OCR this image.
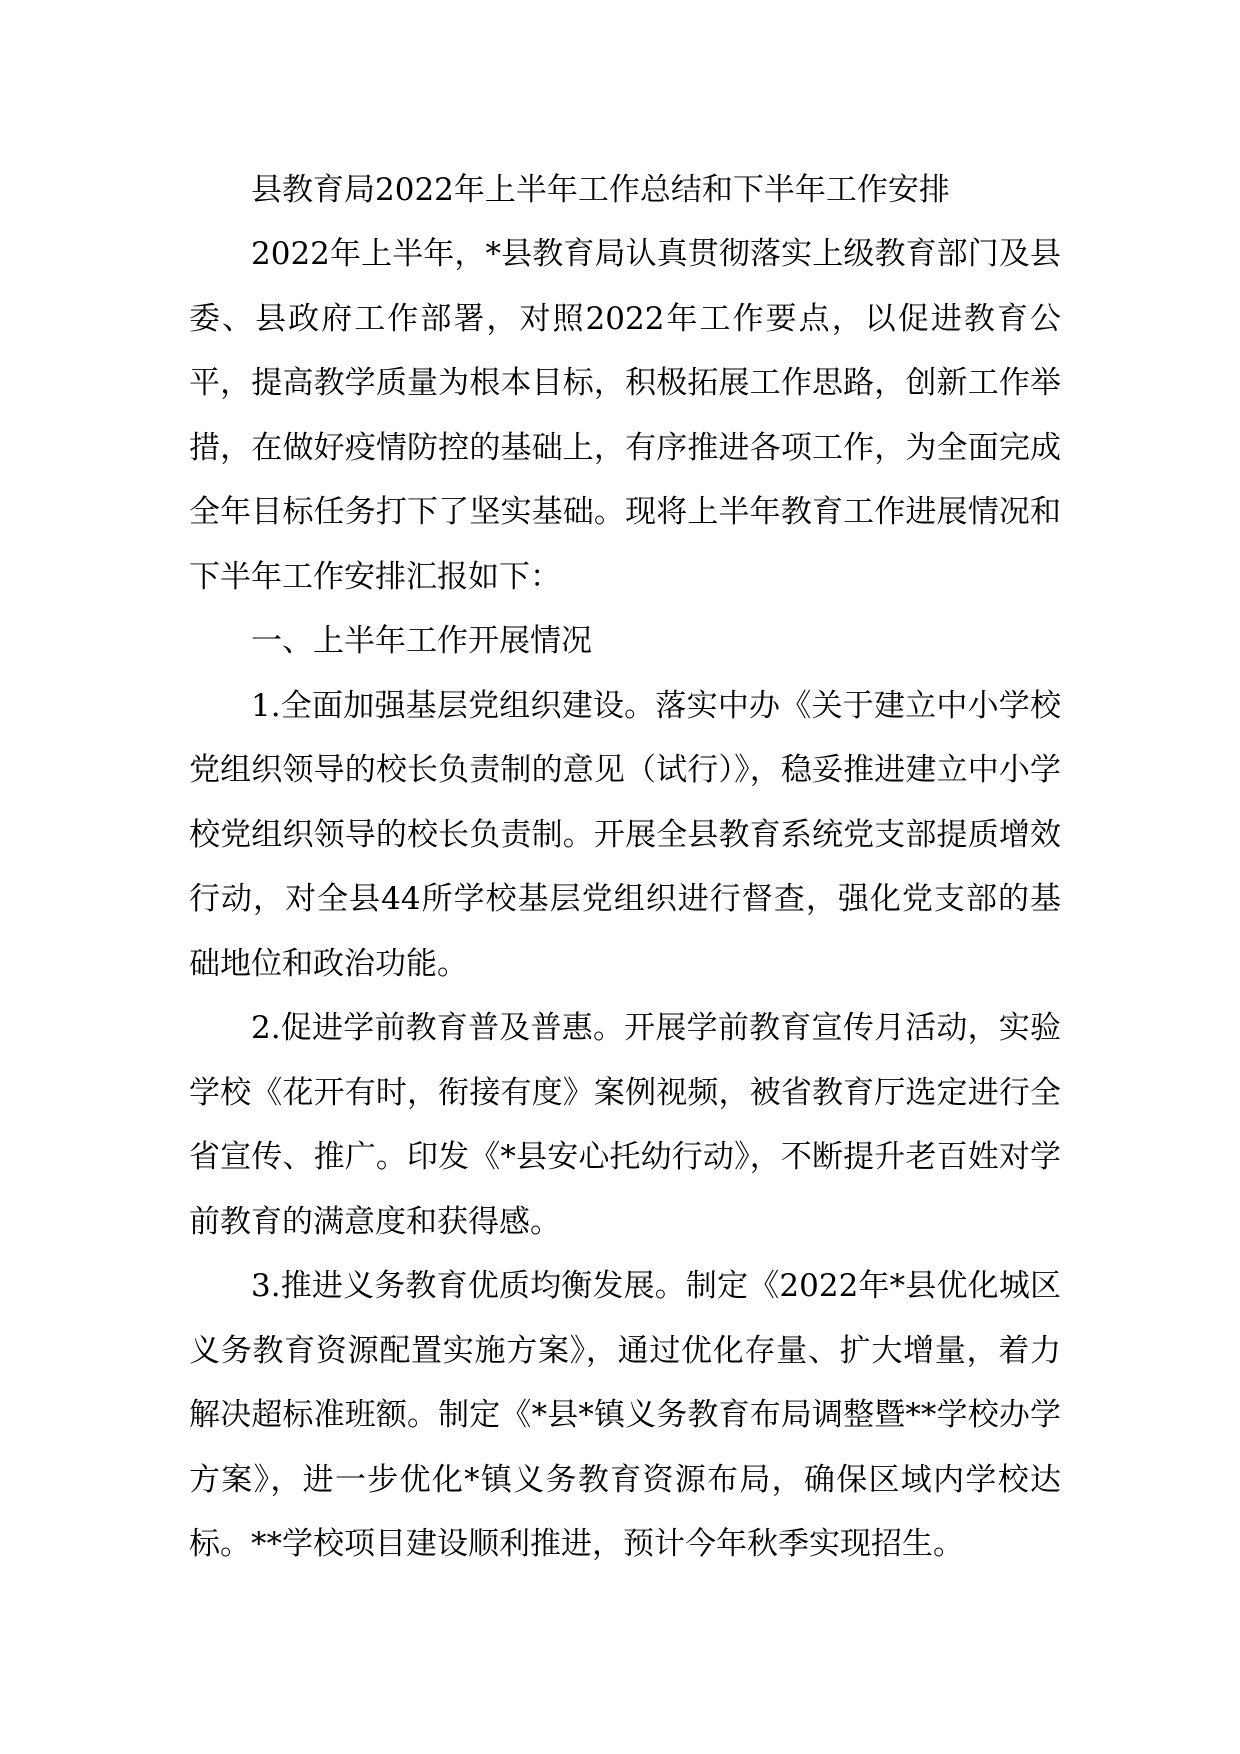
县教育局2022年上半年工作总结和下半年工作安排

2022年上半年，*县教育局认真贯彻落实上级教育部门及县委、县政府工作部署，对照2022年工作要点，以促进教育公平，提高教学质量为根本目标，积极拓展工作思路，创新工作举措，在做好疫情防控的基础上，有序推进各项工作，为全面完成全年目标任务打下了坚实基础。现将上半年教育工作进展情况和下半年工作安排汇报如下：

一、上半年工作开展情况

1.全面加强基层党组织建设。落实中办《关于建立中小学校党组织领导的校长负责制的意见（试行）》，稳妥推进建立中小学校党组织领导的校长负责制。开展全县教育系统党支部提质增效行动，对全县44所学校基层党组织进行督查，强化党支部的基础地位和政治功能。

2.促进学前教育普及普惠。开展学前教育宣传月活动，实验学校《花开有时，衔接有度》案例视频，被省教育厅选定进行全省宣传、推广。印发《*县安心托幼行动》，不断提升老百姓对学前教育的满意度和获得感。

3.推进义务教育优质均衡发展。制定《2022年*县优化城区义务教育资源配置实施方案》，通过优化存量、扩大增量，着力解决超标准班额。制定《*县*镇义务教育布局调整暨**学校办学方案》，进一步优化*镇义务教育资源布局，确保区域内学校达标。**学校项目建设顺利推进，预计今年秋季实现招生。
